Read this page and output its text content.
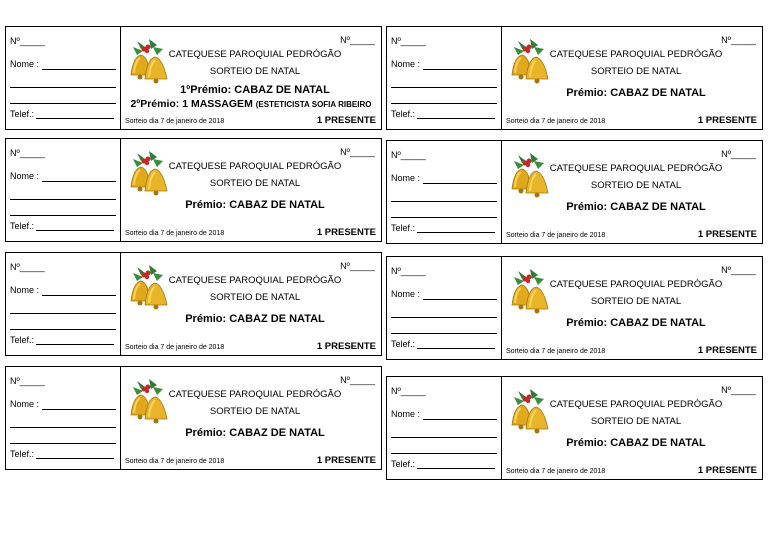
Nº_____
Nome :
Telef.:
Nº_____
CATEQUESE PAROQUIAL PEDRÓGÃO
SORTEIO DE NATAL
1ºPrémio: CABAZ DE NATAL
Sorteio dia 7 de janeiro de 2018	1 PRESENTE
2ºPrémio: 1 MASSAGEM (ESTETICISTA SOFIA RIBEIRO
Nº_____
Nome :
Telef.:
Nº_____
CATEQUESE PAROQUIAL PEDRÓGÃO
SORTEIO DE NATAL
Prémio: CABAZ DE NATAL
Sorteio dia 7 de janeiro de 2018	1 PRESENTE
Nº_____
Nome :
Telef.:
Nº_____
CATEQUESE PAROQUIAL PEDRÓGÃO
SORTEIO DE NATAL
Prémio: CABAZ DE NATAL
Sorteio dia 7 de janeiro de 2018	1 PRESENTE
Nº_____
Nome :
Telef.:
Nº_____
CATEQUESE PAROQUIAL PEDRÓGÃO
SORTEIO DE NATAL
Prémio: CABAZ DE NATAL
Sorteio dia 7 de janeiro de 2018	1 PRESENTE
Nº_____
Nome :
Telef.:
Nº_____
CATEQUESE PAROQUIAL PEDRÓGÃO
SORTEIO DE NATAL
Prémio: CABAZ DE NATAL
Sorteio dia 7 de janeiro de 2018	1 PRESENTE
Nº_____
Nome :
Telef.:
Nº_____
CATEQUESE PAROQUIAL PEDRÓGÃO
SORTEIO DE NATAL
Prémio: CABAZ DE NATAL
Sorteio dia 7 de janeiro de 2018	1 PRESENTE
Nº_____
Nome :
Telef.:
Nº_____
CATEQUESE PAROQUIAL PEDRÓGÃO
SORTEIO DE NATAL
Prémio: CABAZ DE NATAL
Sorteio dia 7 de janeiro de 2018	1 PRESENTE
Nº_____
Nome :
Telef.:
Nº_____
CATEQUESE PAROQUIAL PEDRÓGÃO
SORTEIO DE NATAL
Prémio: CABAZ DE NATAL
Sorteio dia 7 de janeiro de 2018	1 PRESENTE
